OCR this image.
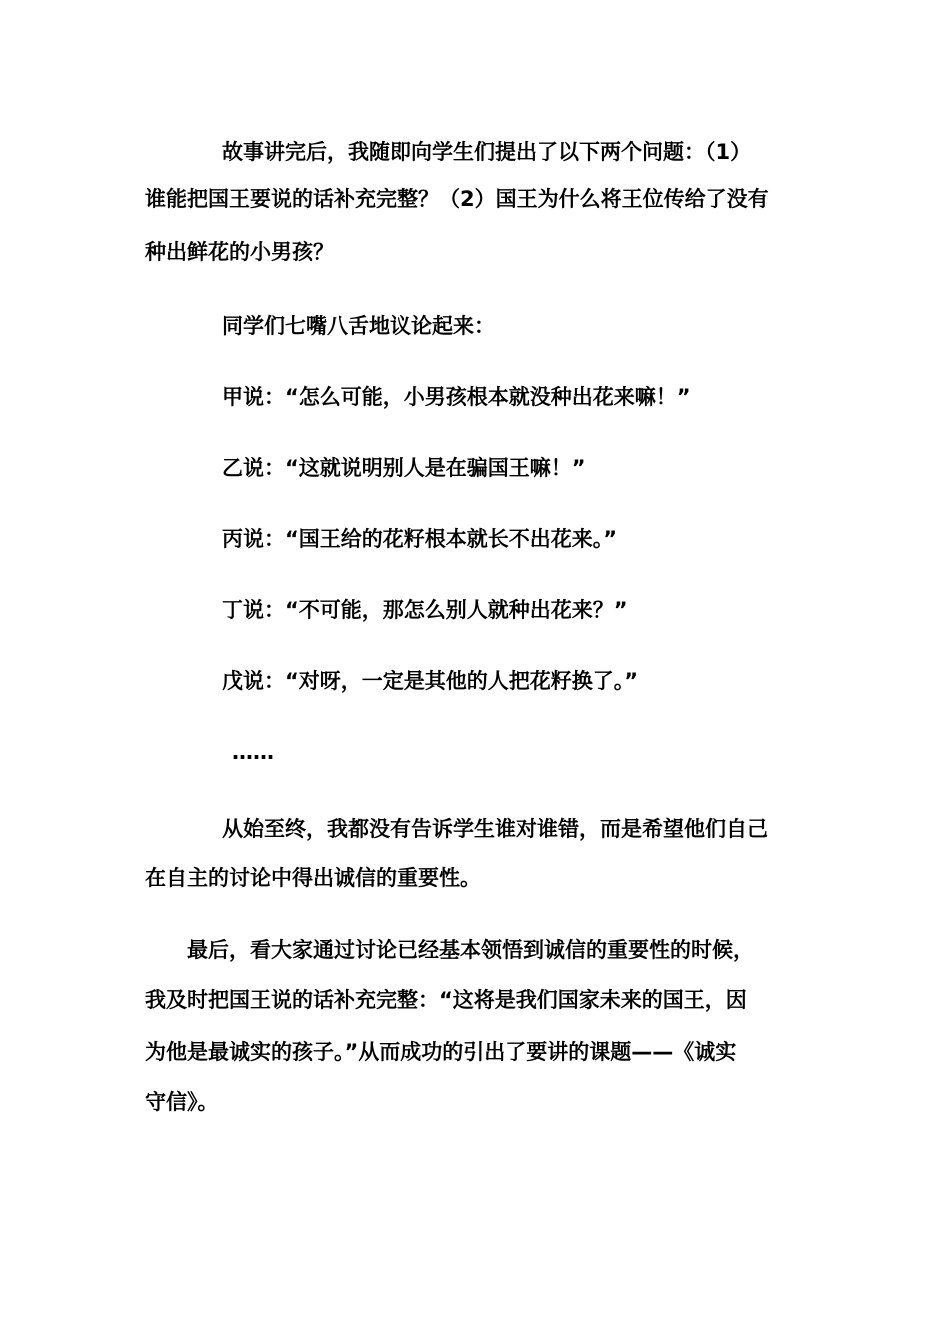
故事讲完后，我随即向学生们提出了以下两个问题：（1）
谁能把国王要说的话补充完整？（2）国王为什么将王位传给了没有
种出鲜花的小男孩？
同学们七嘴八舌地议论起来：
甲说：“怎么可能，小男孩根本就没种出花来嘛！”
乙说：“这就说明别人是在骗国王嘛！”
丙说：“国王给的花籽根本就长不出花来。”
丁说：“不可能，那怎么别人就种出花来？”
戊说：“对呀，一定是其他的人把花籽换了。”
……
从始至终，我都没有告诉学生谁对谁错，而是希望他们自己
在自主的讨论中得出诚信的重要性。
最后，看大家通过讨论已经基本领悟到诚信的重要性的时候，
我及时把国王说的话补充完整：“这将是我们国家未来的国王，因
为他是最诚实的孩子。”从而成功的引出了要讲的课题——《诚实
守信》。
